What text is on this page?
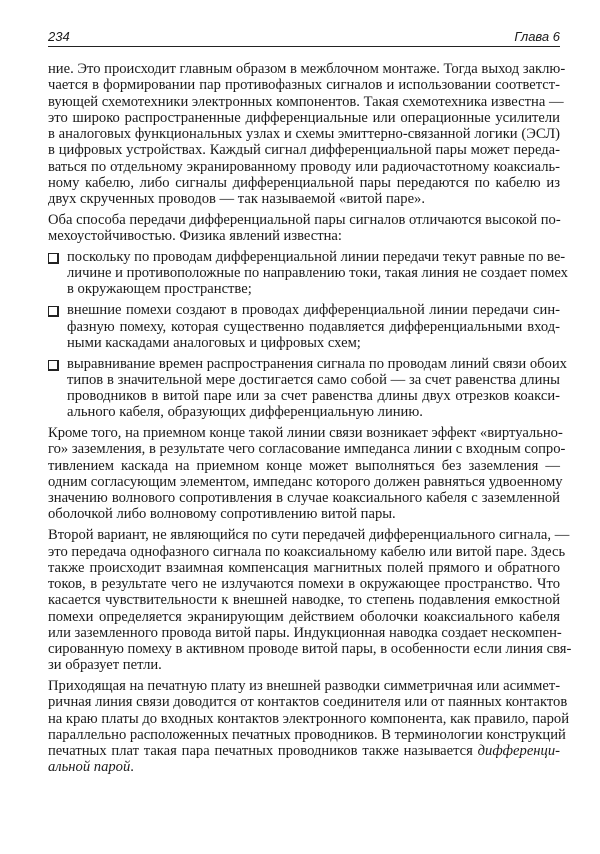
234	Глава 6
ние. Это происходит главным образом в межблочном монтаже. Тогда выход заклю-
чается в формировании пар противофазных сигналов и использовании соответст-
вующей схемотехники электронных компонентов. Такая схемотехника известна —
это широко распространенные дифференциальные или операционные усилители
в аналоговых функциональных узлах и схемы эмиттерно-связанной логики (ЭСЛ)
в цифровых устройствах. Каждый сигнал дифференциальной пары может переда-
ваться по отдельному экранированному проводу или радиочастотному коаксиаль-
ному кабелю, либо сигналы дифференциальной пары передаются по кабелю из
двух скрученных проводов — так называемой «витой паре».
Оба способа передачи дифференциальной пары сигналов отличаются высокой по-
мехоустойчивостью. Физика явлений известна:
поскольку по проводам дифференциальной линии передачи текут равные по ве-
личине и противоположные по направлению токи, такая линия не создает помех
в окружающем пространстве;
внешние помехи создают в проводах дифференциальной линии передачи син-
фазную помеху, которая существенно подавляется дифференциальными вход-
ными каскадами аналоговых и цифровых схем;
выравнивание времен распространения сигнала по проводам линий связи обоих
типов в значительной мере достигается само собой — за счет равенства длины
проводников в витой паре или за счет равенства длины двух отрезков коакси-
ального кабеля, образующих дифференциальную линию.
Кроме того, на приемном конце такой линии связи возникает эффект «виртуально-
го» заземления, в результате чего согласование импеданса линии с входным сопро-
тивлением каскада на приемном конце может выполняться без заземления —
одним согласующим элементом, импеданс которого должен равняться удвоенному
значению волнового сопротивления в случае коаксиального кабеля с заземленной
оболочкой либо волновому сопротивлению витой пары.
Второй вариант, не являющийся по сути передачей дифференциального сигнала, —
это передача однофазного сигнала по коаксиальному кабелю или витой паре. Здесь
также происходит взаимная компенсация магнитных полей прямого и обратного
токов, в результате чего не излучаются помехи в окружающее пространство. Что
касается чувствительности к внешней наводке, то степень подавления емкостной
помехи определяется экранирующим действием оболочки коаксиального кабеля
или заземленного провода витой пары. Индукционная наводка создает нескомпен-
сированную помеху в активном проводе витой пары, в особенности если линия свя-
зи образует петли.
Приходящая на печатную плату из внешней разводки симметричная или асиммет-
ричная линия связи доводится от контактов соединителя или от паянных контактов
на краю платы до входных контактов электронного компонента, как правило, парой
параллельно расположенных печатных проводников. В терминологии конструкций
печатных плат такая пара печатных проводников также называется дифференци-
альной парой.
